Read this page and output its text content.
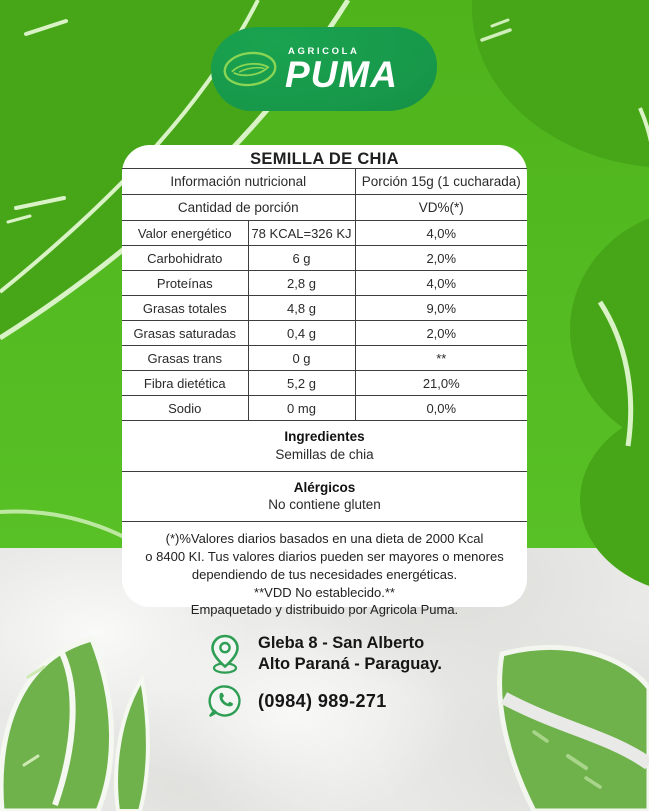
AGRICOLA
PUMA
SEMILLA DE CHIA
Información nutricional		Porción 15g (1 cucharada)
Cantidad de porción		VD%(*)
Valor energético	78 KCAL=326 KJ	4,0%
Carbohidrato	6 g	2,0%
Proteínas	2,8 g	4,0%
Grasas totales	4,8 g	9,0%
Grasas saturadas	0,4 g	2,0%
Grasas trans	0 g	**
Fibra dietética	5,2 g	21,0%
Sodio	0 mg	0,0%
Ingredientes
Semillas de chia
Alérgicos
No contiene gluten
(*)%Valores diarios basados en una dieta de 2000 Kcal
o 8400 KI. Tus valores diarios pueden ser mayores o menores
dependiendo de tus necesidades energéticas.
**VDD No establecido.**
Empaquetado y distribuido por Agricola Puma.
Gleba 8 - San Alberto
Alto Paraná - Paraguay.
(0984) 989-271
